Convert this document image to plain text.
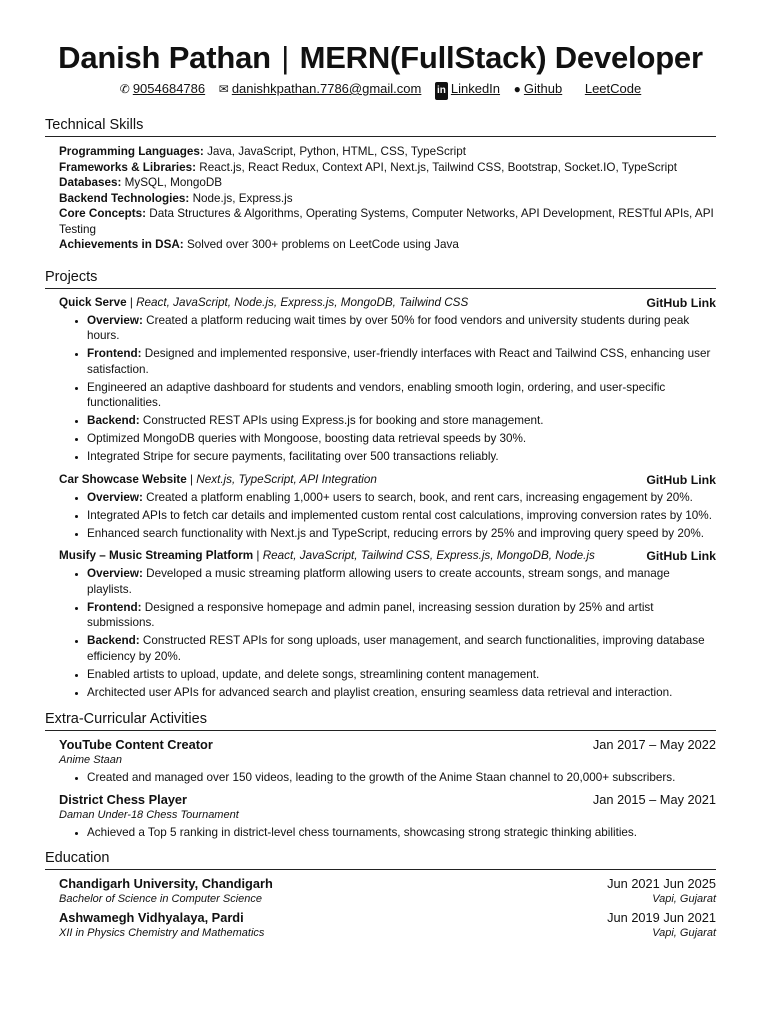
Danish Pathan | MERN(FullStack) Developer
✆ 9054684786 ✉ danishkpathan.7786@gmail.com in LinkedIn ● Github LeetCode
Technical Skills
Programming Languages: Java, JavaScript, Python, HTML, CSS, TypeScript
Frameworks & Libraries: React.js, React Redux, Context API, Next.js, Tailwind CSS, Bootstrap, Socket.IO, TypeScript
Databases: MySQL, MongoDB
Backend Technologies: Node.js, Express.js
Core Concepts: Data Structures & Algorithms, Operating Systems, Computer Networks, API Development, RESTful APIs, API Testing
Achievements in DSA: Solved over 300+ problems on LeetCode using Java
Projects
Quick Serve | React, JavaScript, Node.js, Express.js, MongoDB, Tailwind CSS	GitHub Link
• Overview: Created a platform reducing wait times by over 50% for food vendors and university students during peak hours.
• Frontend: Designed and implemented responsive, user-friendly interfaces with React and Tailwind CSS, enhancing user satisfaction.
• Engineered an adaptive dashboard for students and vendors, enabling smooth login, ordering, and user-specific functionalities.
• Backend: Constructed REST APIs using Express.js for booking and store management.
• Optimized MongoDB queries with Mongoose, boosting data retrieval speeds by 30%.
• Integrated Stripe for secure payments, facilitating over 500 transactions reliably.
Car Showcase Website | Next.js, TypeScript, API Integration	GitHub Link
• Overview: Created a platform enabling 1,000+ users to search, book, and rent cars, increasing engagement by 20%.
• Integrated APIs to fetch car details and implemented custom rental cost calculations, improving conversion rates by 10%.
• Enhanced search functionality with Next.js and TypeScript, reducing errors by 25% and improving query speed by 20%.
Musify – Music Streaming Platform | React, JavaScript, Tailwind CSS, Express.js, MongoDB, Node.js	GitHub Link
• Overview: Developed a music streaming platform allowing users to create accounts, stream songs, and manage playlists.
• Frontend: Designed a responsive homepage and admin panel, increasing session duration by 25% and artist submissions.
• Backend: Constructed REST APIs for song uploads, user management, and search functionalities, improving database efficiency by 20%.
• Enabled artists to upload, update, and delete songs, streamlining content management.
• Architected user APIs for advanced search and playlist creation, ensuring seamless data retrieval and interaction.
Extra-Curricular Activities
YouTube Content Creator	Jan 2017 – May 2022
Anime Staan
• Created and managed over 150 videos, leading to the growth of the Anime Staan channel to 20,000+ subscribers.
District Chess Player	Jan 2015 – May 2021
Daman Under-18 Chess Tournament
• Achieved a Top 5 ranking in district-level chess tournaments, showcasing strong strategic thinking abilities.
Education
Chandigarh University, Chandigarh	Jun 2021 Jun 2025
Bachelor of Science in Computer Science	Vapi, Gujarat
Ashwamegh Vidhyalaya, Pardi	Jun 2019 Jun 2021
XII in Physics Chemistry and Mathematics	Vapi, Gujarat
